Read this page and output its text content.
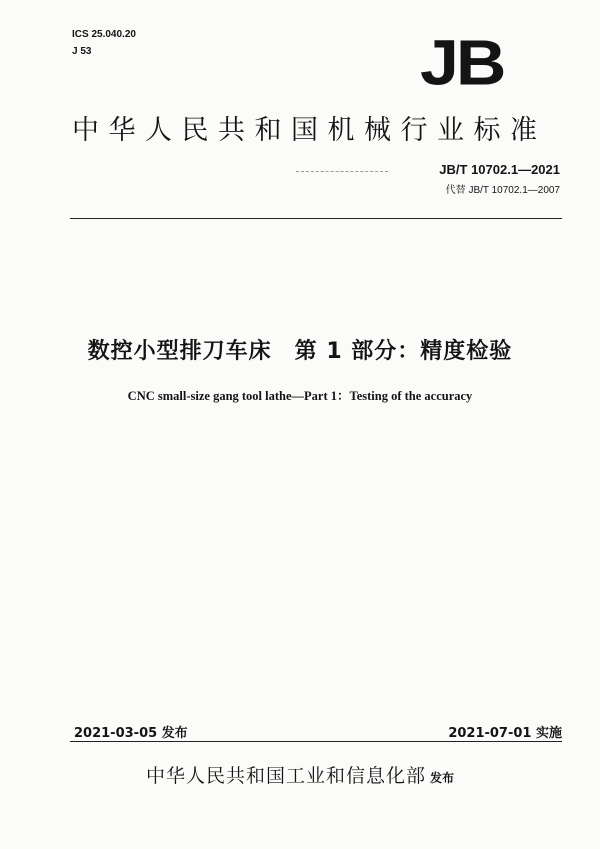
ICS 25.040.20
J 53	JB
中华人民共和国机械行业标准
JB/T 10702.1—2021
代替 JB/T 10702.1—2007
数控小型排刀车床　第 1 部分：精度检验
CNC small-size gang tool lathe—Part 1：Testing of the accuracy
2021-03-05 发布	2021-07-01 实施
中华人民共和国工业和信息化部 发布
